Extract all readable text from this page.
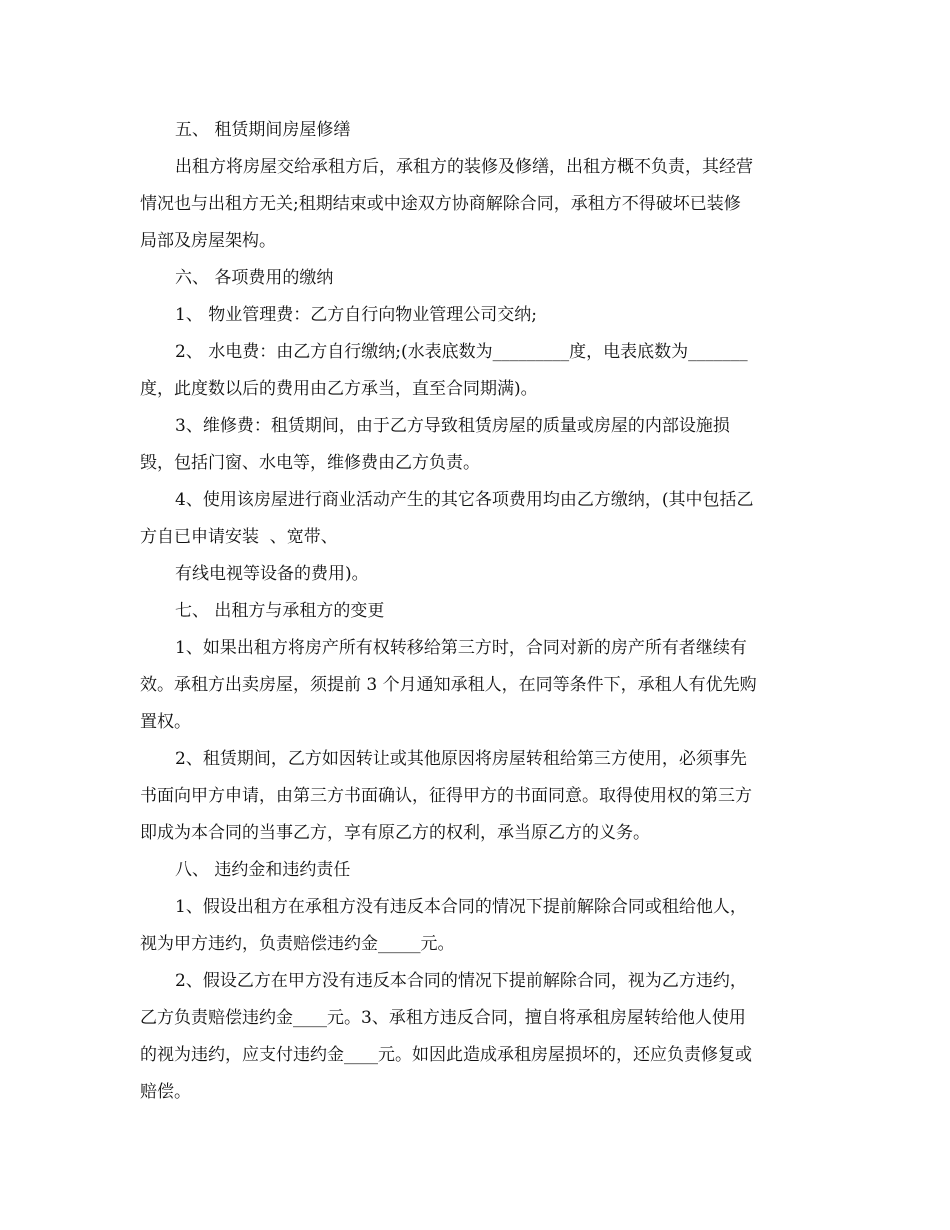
五、 租赁期间房屋修缮
出租方将房屋交给承租方后，承租方的装修及修缮，出租方概不负责，其经营
情况也与出租方无关;租期结束或中途双方协商解除合同，承租方不得破坏已装修
局部及房屋架构。
六、 各项费用的缴纳
1、 物业管理费：乙方自行向物业管理公司交纳;
2、 水电费：由乙方自行缴纳;(水表底数为_________度，电表底数为_______
度，此度数以后的费用由乙方承当，直至合同期满)。
3、维修费：租赁期间，由于乙方导致租赁房屋的质量或房屋的内部设施损
毁，包括门窗、水电等，维修费由乙方负责。
4、使用该房屋进行商业活动产生的其它各项费用均由乙方缴纳，(其中包括乙
方自已申请安装  、宽带、
有线电视等设备的费用)。
七、 出租方与承租方的变更
1、如果出租方将房产所有权转移给第三方时，合同对新的房产所有者继续有
效。承租方出卖房屋，须提前 3 个月通知承租人，在同等条件下，承租人有优先购
置权。
2、租赁期间，乙方如因转让或其他原因将房屋转租给第三方使用，必须事先
书面向甲方申请，由第三方书面确认，征得甲方的书面同意。取得使用权的第三方
即成为本合同的当事乙方，享有原乙方的权利，承当原乙方的义务。
八、 违约金和违约责任
1、假设出租方在承租方没有违反本合同的情况下提前解除合同或租给他人，
视为甲方违约，负责赔偿违约金_____元。
2、假设乙方在甲方没有违反本合同的情况下提前解除合同，视为乙方违约，
乙方负责赔偿违约金____元。3、承租方违反合同，擅自将承租房屋转给他人使用
的视为违约，应支付违约金____元。如因此造成承租房屋损坏的，还应负责修复或
赔偿。
